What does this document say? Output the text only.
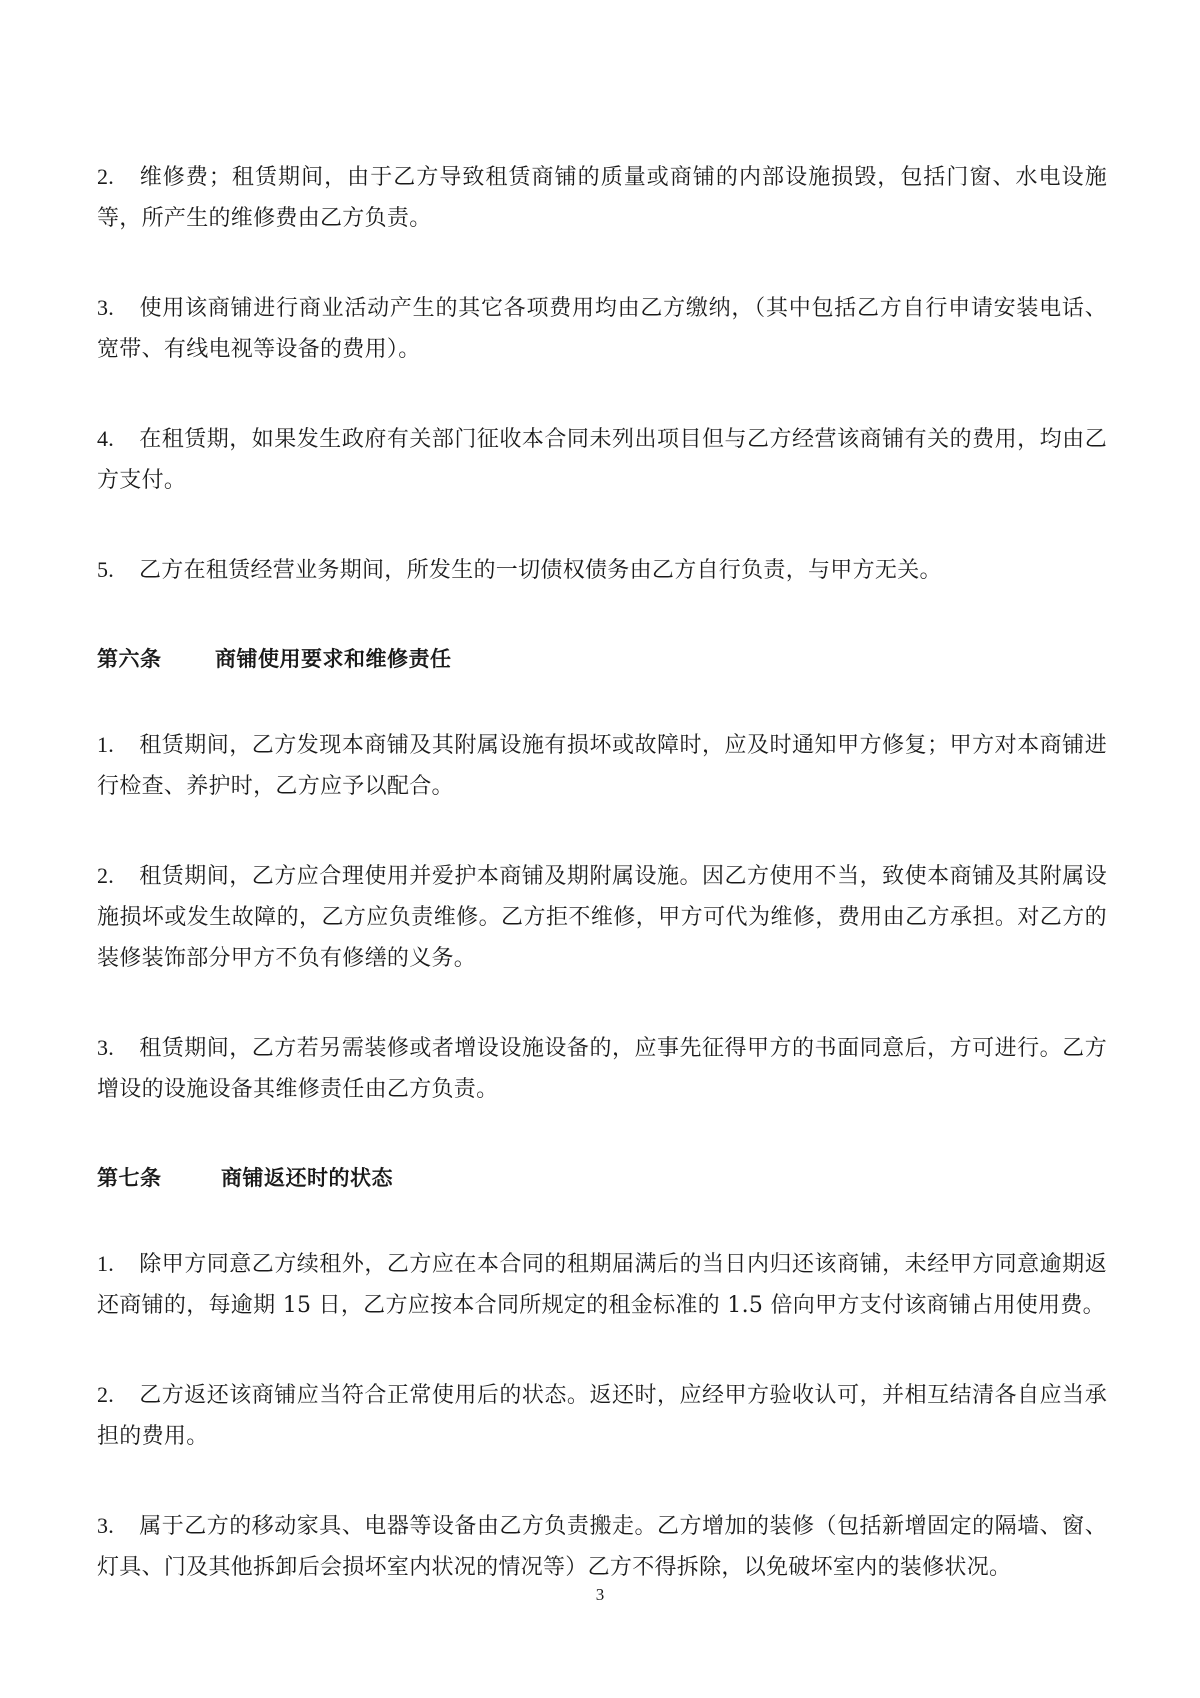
2. 维修费；租赁期间，由于乙方导致租赁商铺的质量或商铺的内部设施损毁，包括门窗、水电设施等，所产生的维修费由乙方负责。

3. 使用该商铺进行商业活动产生的其它各项费用均由乙方缴纳，（其中包括乙方自行申请安装电话、宽带、有线电视等设备的费用）。

4. 在租赁期，如果发生政府有关部门征收本合同未列出项目但与乙方经营该商铺有关的费用，均由乙方支付。

5. 乙方在租赁经营业务期间，所发生的一切债权债务由乙方自行负责，与甲方无关。

第六条	商铺使用要求和维修责任

1. 租赁期间，乙方发现本商铺及其附属设施有损坏或故障时，应及时通知甲方修复；甲方对本商铺进行检查、养护时，乙方应予以配合。

2. 租赁期间，乙方应合理使用并爱护本商铺及期附属设施。因乙方使用不当，致使本商铺及其附属设施损坏或发生故障的，乙方应负责维修。乙方拒不维修，甲方可代为维修，费用由乙方承担。对乙方的装修装饰部分甲方不负有修缮的义务。

3. 租赁期间，乙方若另需装修或者增设设施设备的，应事先征得甲方的书面同意后，方可进行。乙方增设的设施设备其维修责任由乙方负责。

第七条	商铺返还时的状态

1. 除甲方同意乙方续租外，乙方应在本合同的租期届满后的当日内归还该商铺，未经甲方同意逾期返还商铺的，每逾期 15 日，乙方应按本合同所规定的租金标准的 1.5 倍向甲方支付该商铺占用使用费。

2. 乙方返还该商铺应当符合正常使用后的状态。返还时，应经甲方验收认可，并相互结清各自应当承担的费用。

3. 属于乙方的移动家具、电器等设备由乙方负责搬走。乙方增加的装修（包括新增固定的隔墙、窗、灯具、门及其他拆卸后会损坏室内状况的情况等）乙方不得拆除，以免破坏室内的装修状况。

3
